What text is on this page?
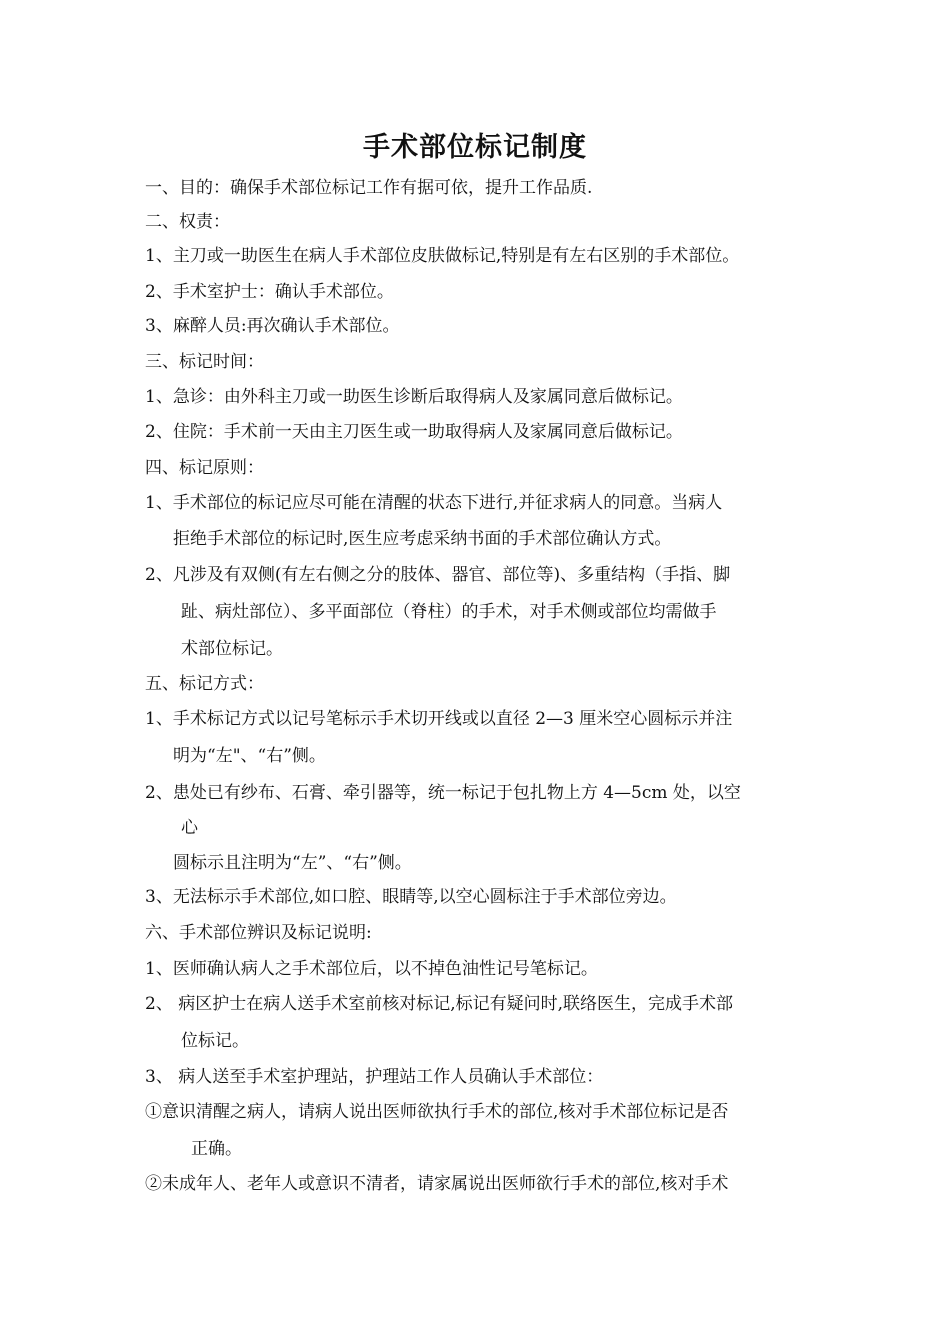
手术部位标记制度
一、目的：确保手术部位标记工作有据可依，提升工作品质.
二、权责：
1、主刀或一助医生在病人手术部位皮肤做标记,特别是有左右区别的手术部位。
2、手术室护士：确认手术部位。
3、麻醉人员:再次确认手术部位。
三、标记时间：
1、急诊：由外科主刀或一助医生诊断后取得病人及家属同意后做标记。
2、住院：手术前一天由主刀医生或一助取得病人及家属同意后做标记。
四、标记原则：
1、手术部位的标记应尽可能在清醒的状态下进行,并征求病人的同意。当病人
拒绝手术部位的标记时,医生应考虑采纳书面的手术部位确认方式。
2、凡涉及有双侧(有左右侧之分的肢体、器官、部位等)、多重结构（手指、脚
趾、病灶部位）、多平面部位（脊柱）的手术，对手术侧或部位均需做手
术部位标记。
五、标记方式：
1、手术标记方式以记号笔标示手术切开线或以直径 2—3 厘米空心圆标示并注
明为“左"、“右”侧。
2、患处已有纱布、石膏、牵引器等，统一标记于包扎物上方 4—5cm 处，以空
心
圆标示且注明为“左”、“右”侧。
3、无法标示手术部位,如口腔、眼睛等,以空心圆标注于手术部位旁边。
六、手术部位辨识及标记说明:
1、医师确认病人之手术部位后，以不掉色油性记号笔标记。
2、 病区护士在病人送手术室前核对标记,标记有疑问时,联络医生，完成手术部
位标记。
3、 病人送至手术室护理站，护理站工作人员确认手术部位：
①意识清醒之病人，请病人说出医师欲执行手术的部位,核对手术部位标记是否
正确。
②未成年人、老年人或意识不清者，请家属说出医师欲行手术的部位,核对手术
